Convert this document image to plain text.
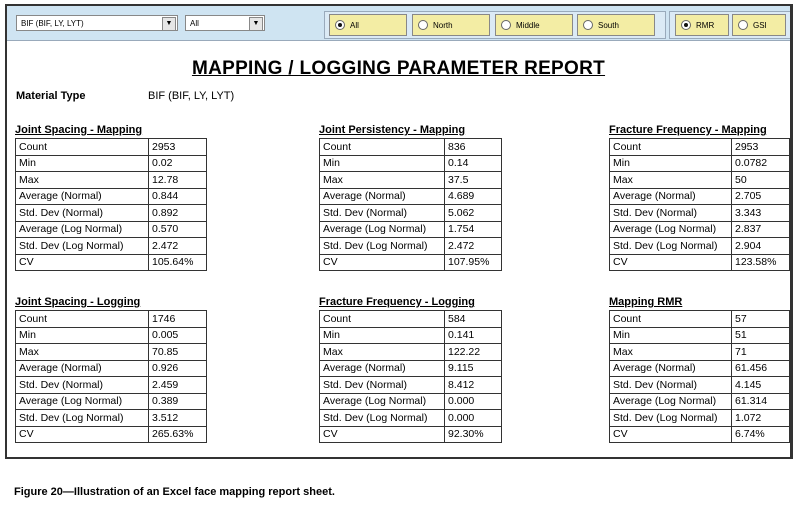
BIF (BIF, LY, LYT)	▼	All	▼	All	North	Middle	South	RMR	GSI
MAPPING / LOGGING PARAMETER REPORT
Material Type	BIF (BIF, LY, LYT)
Joint Spacing - Mapping
Count	2953
Min	0.02
Max	12.78
Average (Normal)	0.844
Std. Dev (Normal)	0.892
Average (Log Normal)	0.570
Std. Dev (Log Normal)	2.472
CV	105.64%
Joint Persistency - Mapping
Count	836
Min	0.14
Max	37.5
Average (Normal)	4.689
Std. Dev (Normal)	5.062
Average (Log Normal)	1.754
Std. Dev (Log Normal)	2.472
CV	107.95%
Fracture Frequency - Mapping
Count	2953
Min	0.0782
Max	50
Average (Normal)	2.705
Std. Dev (Normal)	3.343
Average (Log Normal)	2.837
Std. Dev (Log Normal)	2.904
CV	123.58%
Joint Spacing - Logging
Count	1746
Min	0.005
Max	70.85
Average (Normal)	0.926
Std. Dev (Normal)	2.459
Average (Log Normal)	0.389
Std. Dev (Log Normal)	3.512
CV	265.63%
Fracture Frequency - Logging
Count	584
Min	0.141
Max	122.22
Average (Normal)	9.115
Std. Dev (Normal)	8.412
Average (Log Normal)	0.000
Std. Dev (Log Normal)	0.000
CV	92.30%
Mapping RMR
Count	57
Min	51
Max	71
Average (Normal)	61.456
Std. Dev (Normal)	4.145
Average (Log Normal)	61.314
Std. Dev (Log Normal)	1.072
CV	6.74%
Figure 20—Illustration of an Excel face mapping report sheet.
